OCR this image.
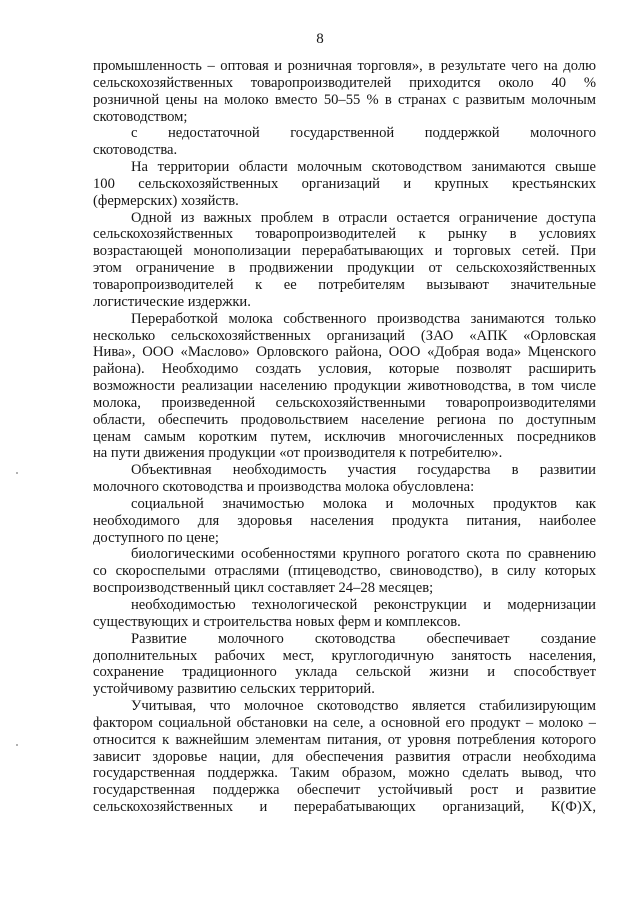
8
промышленность – оптовая и розничная торговля», в результате чего на долю
сельскохозяйственных товаропроизводителей приходится около 40 %
розничной цены на молоко вместо 50–55 % в странах с развитым молочным
скотоводством;
с недостаточной государственной поддержкой молочного
скотоводства.
На территории области молочным скотоводством занимаются свыше
100 сельскохозяйственных организаций и крупных крестьянских
(фермерских) хозяйств.
Одной из важных проблем в отрасли остается ограничение доступа
сельскохозяйственных товаропроизводителей к рынку в условиях
возрастающей монополизации перерабатывающих и торговых сетей. При
этом ограничение в продвижении продукции от сельскохозяйственных
товаропроизводителей к ее потребителям вызывают значительные
логистические издержки.
Переработкой молока собственного производства занимаются только
несколько сельскохозяйственных организаций (ЗАО «АПК «Орловская
Нива», ООО «Маслово» Орловского района, ООО «Добрая вода» Мценского
района). Необходимо создать условия, которые позволят расширить
возможности реализации населению продукции животноводства, в том числе
молока, произведенной сельскохозяйственными товаропроизводителями
области, обеспечить продовольствием население региона по доступным
ценам самым коротким путем, исключив многочисленных посредников
на пути движения продукции «от производителя к потребителю».
Объективная необходимость участия государства в развитии
молочного скотоводства и производства молока обусловлена:
социальной значимостью молока и молочных продуктов как
необходимого для здоровья населения продукта питания, наиболее
доступного по цене;
биологическими особенностями крупного рогатого скота по сравнению
со скороспелыми отраслями (птицеводство, свиноводство), в силу которых
воспроизводственный цикл составляет 24–28 месяцев;
необходимостью технологической реконструкции и модернизации
существующих и строительства новых ферм и комплексов.
Развитие молочного скотоводства обеспечивает создание
дополнительных рабочих мест, круглогодичную занятость населения,
сохранение традиционного уклада сельской жизни и способствует
устойчивому развитию сельских территорий.
Учитывая, что молочное скотоводство является стабилизирующим
фактором социальной обстановки на селе, а основной его продукт – молоко –
относится к важнейшим элементам питания, от уровня потребления которого
зависит здоровье нации, для обеспечения развития отрасли необходима
государственная поддержка. Таким образом, можно сделать вывод, что
государственная поддержка обеспечит устойчивый рост и развитие
сельскохозяйственных и перерабатывающих организаций, К(Ф)Х,
